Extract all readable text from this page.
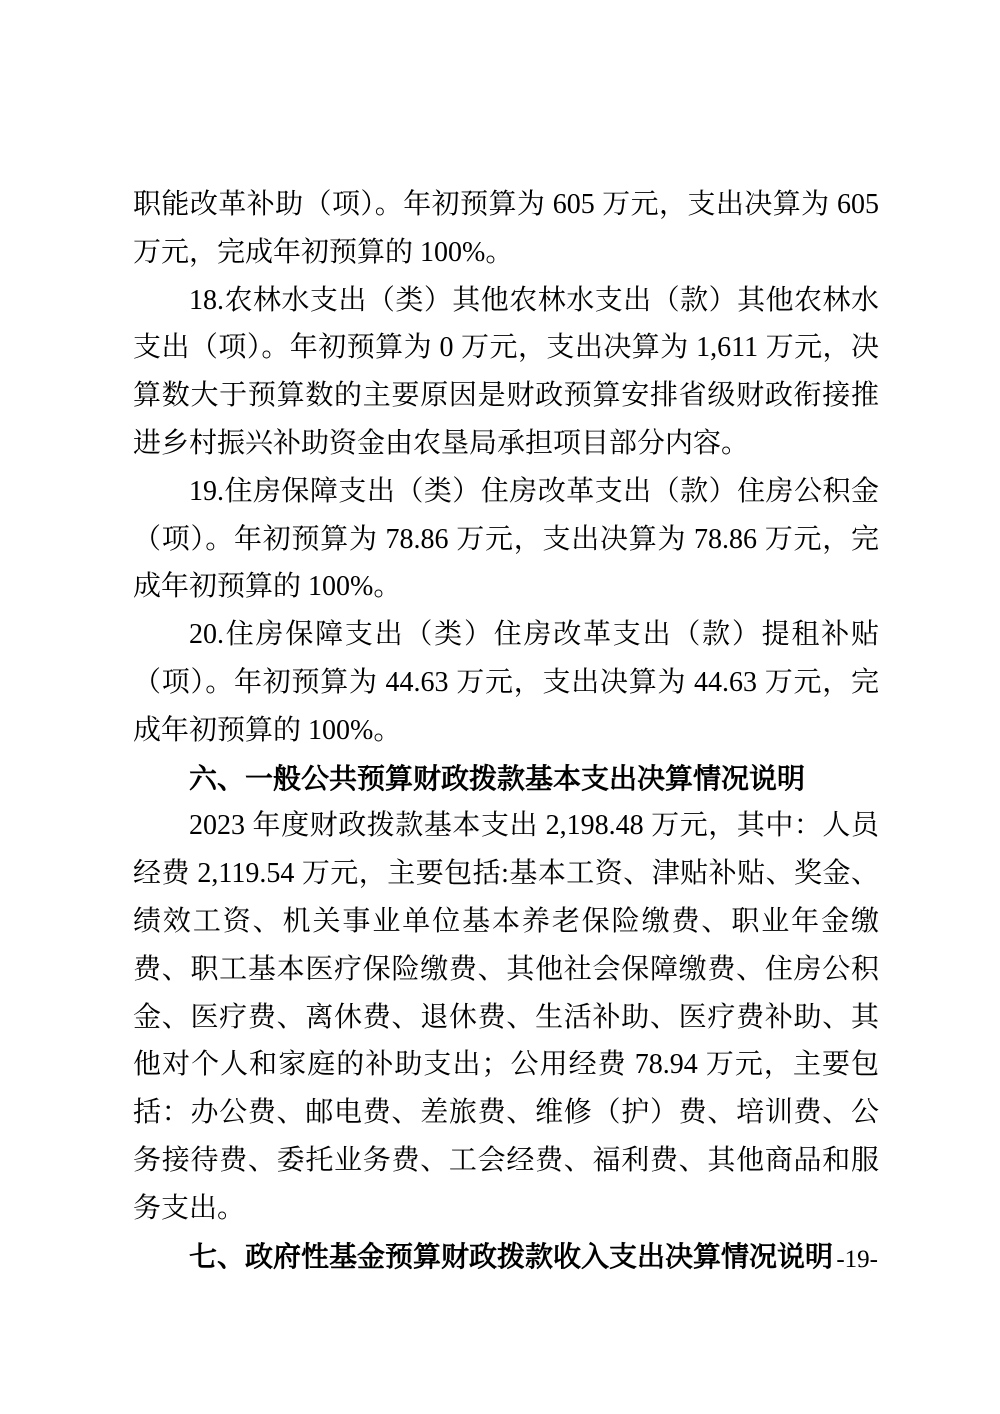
职能改革补助（项）。年初预算为 605 万元，支出决算为 605 万元，完成年初预算的 100%。

18.农林水支出（类）其他农林水支出（款）其他农林水支出（项）。年初预算为 0 万元，支出决算为 1,611 万元，决算数大于预算数的主要原因是财政预算安排省级财政衔接推进乡村振兴补助资金由农垦局承担项目部分内容。

19.住房保障支出（类）住房改革支出（款）住房公积金（项）。年初预算为 78.86 万元，支出决算为 78.86 万元，完成年初预算的 100%。

20.住房保障支出（类）住房改革支出（款）提租补贴（项）。年初预算为 44.63 万元，支出决算为 44.63 万元，完成年初预算的 100%。

六、一般公共预算财政拨款基本支出决算情况说明

2023 年度财政拨款基本支出 2,198.48 万元，其中：人员经费 2,119.54 万元，主要包括:基本工资、津贴补贴、奖金、绩效工资、机关事业单位基本养老保险缴费、职业年金缴费、职工基本医疗保险缴费、其他社会保障缴费、住房公积金、医疗费、离休费、退休费、生活补助、医疗费补助、其他对个人和家庭的补助支出；公用经费 78.94 万元，主要包括：办公费、邮电费、差旅费、维修（护）费、培训费、公务接待费、委托业务费、工会经费、福利费、其他商品和服务支出。

七、政府性基金预算财政拨款收入支出决算情况说明 -19-
